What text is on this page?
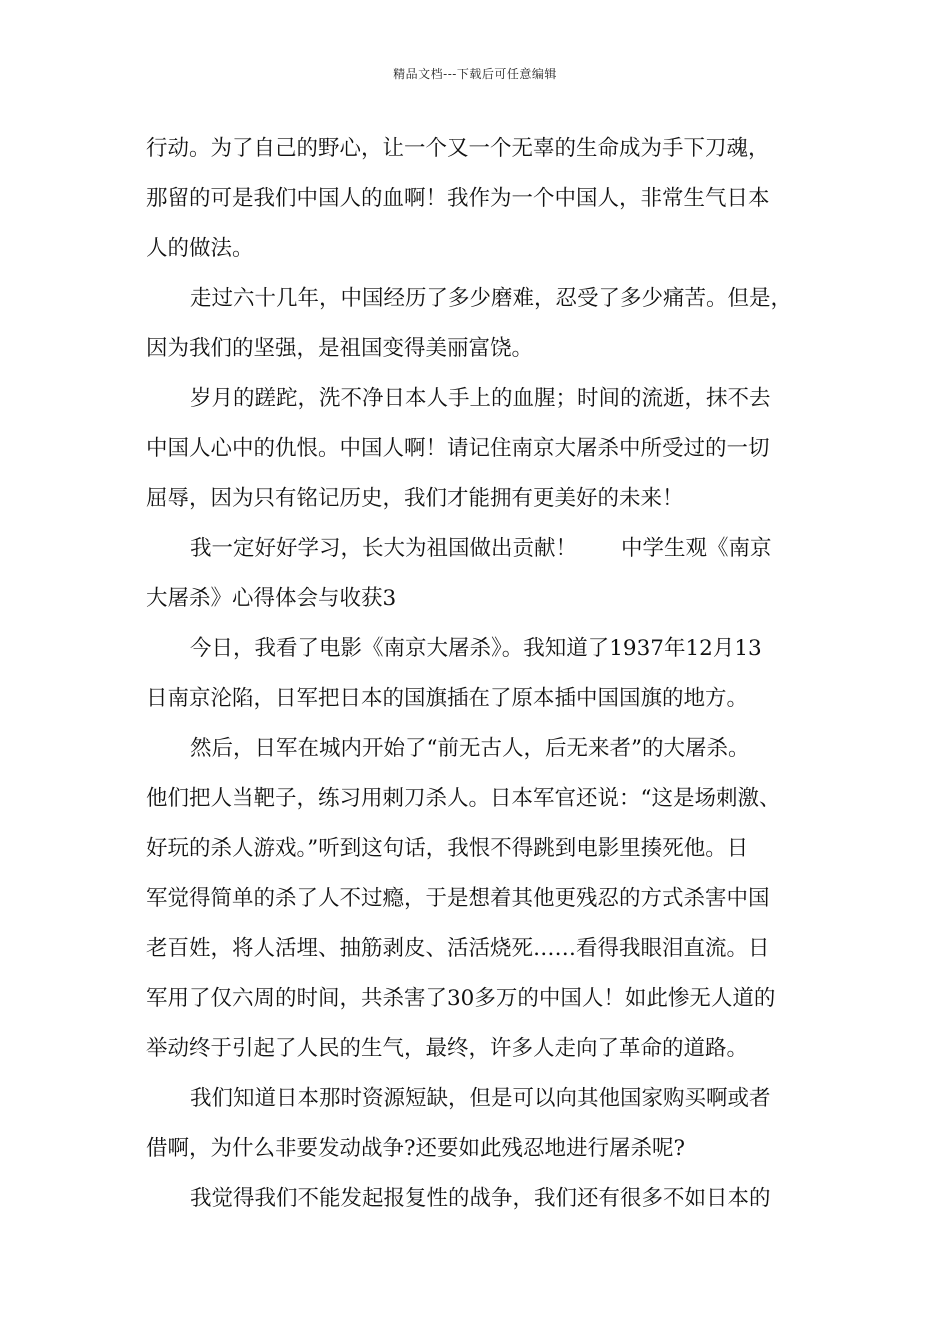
精品文档---下载后可任意编辑
行动。为了自己的野心，让一个又一个无辜的生命成为手下刀魂，
那留的可是我们中国人的血啊！我作为一个中国人，非常生气日本
人的做法。
走过六十几年，中国经历了多少磨难，忍受了多少痛苦。但是，
因为我们的坚强，是祖国变得美丽富饶。
岁月的蹉跎，洗不净日本人手上的血腥；时间的流逝，抹不去
中国人心中的仇恨。中国人啊！请记住南京大屠杀中所受过的一切
屈辱，因为只有铭记历史，我们才能拥有更美好的未来！
我一定好好学习，长大为祖国做出贡献！ 中学生观《南京
大屠杀》心得体会与收获3
今日，我看了电影《南京大屠杀》。我知道了1937年12月13
日南京沦陷，日军把日本的国旗插在了原本插中国国旗的地方。
然后，日军在城内开始了“前无古人，后无来者”的大屠杀。
他们把人当靶子，练习用刺刀杀人。日本军官还说：“这是场刺激、
好玩的杀人游戏。”听到这句话，我恨不得跳到电影里揍死他。日
军觉得简单的杀了人不过瘾，于是想着其他更残忍的方式杀害中国
老百姓，将人活埋、抽筋剥皮、活活烧死……看得我眼泪直流。日
军用了仅六周的时间，共杀害了30多万的中国人！如此惨无人道的
举动终于引起了人民的生气，最终，许多人走向了革命的道路。
我们知道日本那时资源短缺，但是可以向其他国家购买啊或者
借啊，为什么非要发动战争?还要如此残忍地进行屠杀呢?
我觉得我们不能发起报复性的战争，我们还有很多不如日本的
